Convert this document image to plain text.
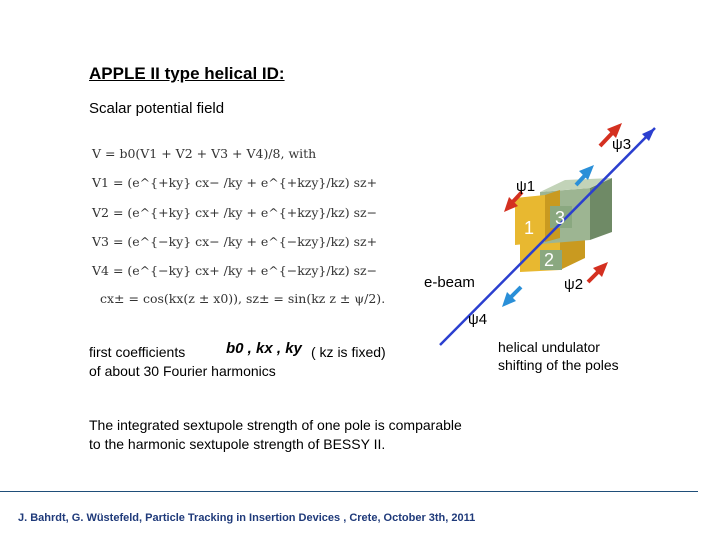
APPLE II type helical ID:
Scalar potential field
V = b0(V1 + V2 + V3 + V4)/8, with
V1 = (e^{+ky} cx− /ky + e^{+kzy}/kz) sz+
V2 = (e^{+ky} cx+ /ky + e^{+kzy}/kz) sz−
V3 = (e^{−ky} cx− /ky + e^{−kzy}/kz) sz+
V4 = (e^{−ky} cx+ /ky + e^{−kzy}/kz) sz−
cx± = cos(kx(z ± x0)), sz± = sin(kz z ± ψ/2).
1
2
3
ψ3
ψ1
ψ2
ψ4
e-beam
first coefficients	b0 , kx , ky ( kz is fixed)
of about 30 Fourier harmonics
helical undulator
shifting of the poles
The integrated sextupole strength of one pole is comparable
to the harmonic sextupole strength of BESSY II.
J. Bahrdt, G. Wüstefeld, Particle Tracking in Insertion Devices , Crete, October 3th, 2011
